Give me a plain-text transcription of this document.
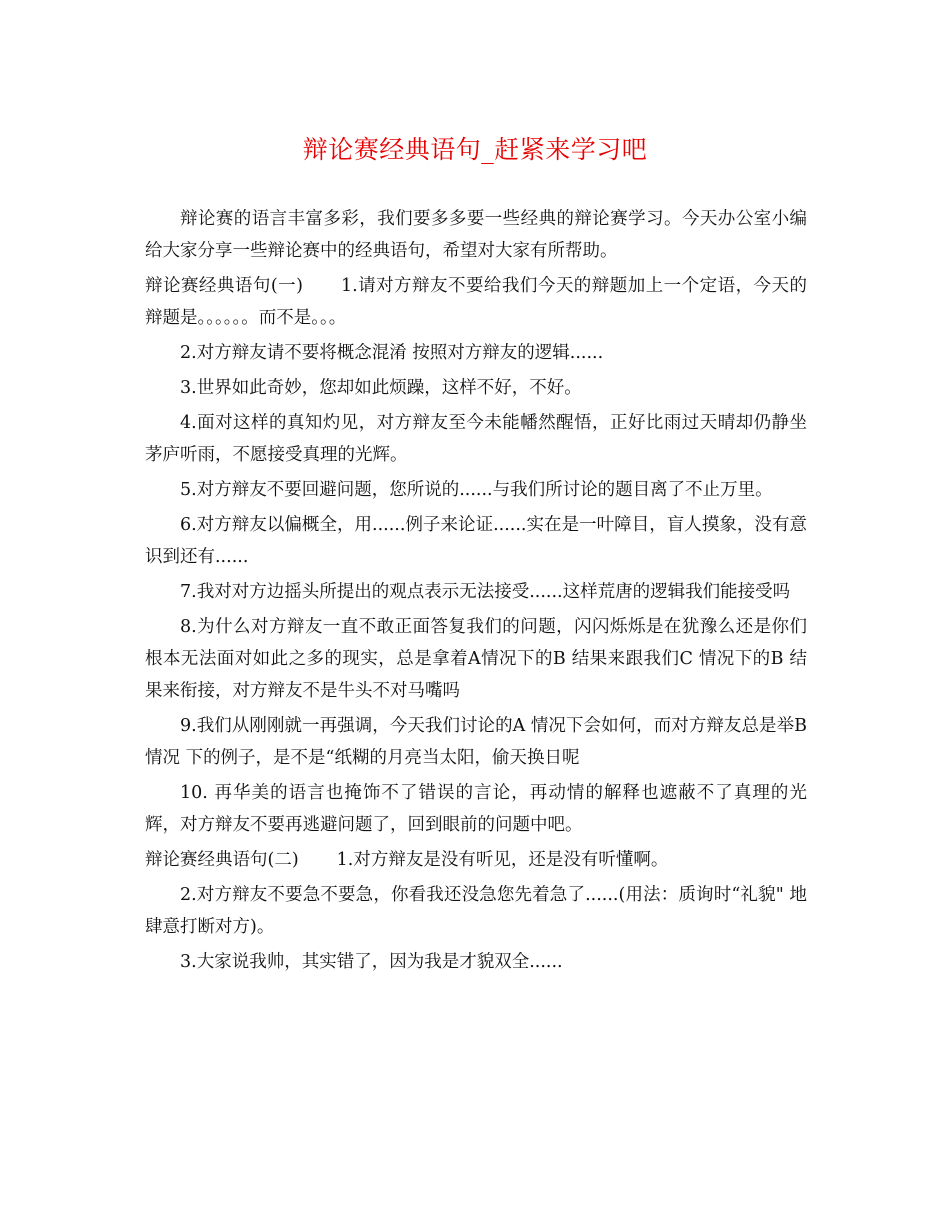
辩论赛经典语句_赶紧来学习吧

辩论赛的语言丰富多彩，我们要多多要一些经典的辩论赛学习。今天办公室小编给大家分享一些辩论赛中的经典语句，希望对大家有所帮助。

辩论赛经典语句(一) 1.请对方辩友不要给我们今天的辩题加上一个定语，今天的辩题是。。。。。。而不是。。。

2.对方辩友请不要将概念混淆 按照对方辩友的逻辑......

3.世界如此奇妙，您却如此烦躁，这样不好，不好。

4.面对这样的真知灼见，对方辩友至今未能幡然醒悟，正好比雨过天晴却仍静坐茅庐听雨，不愿接受真理的光辉。

5.对方辩友不要回避问题，您所说的......与我们所讨论的题目离了不止万里。

6.对方辩友以偏概全，用......例子来论证......实在是一叶障目，盲人摸象，没有意识到还有......

7.我对对方边摇头所提出的观点表示无法接受......这样荒唐的逻辑我们能接受吗

8.为什么对方辩友一直不敢正面答复我们的问题，闪闪烁烁是在犹豫么还是你们根本无法面对如此之多的现实，总是拿着A情况下的B 结果来跟我们C 情况下的B 结果来衔接，对方辩友不是牛头不对马嘴吗

9.我们从刚刚就一再强调，今天我们讨论的A 情况下会如何，而对方辩友总是举B 情况 下的例子，是不是“纸糊的月亮当太阳，偷天换日呢

10. 再华美的语言也掩饰不了错误的言论，再动情的解释也遮蔽不了真理的光辉，对方辩友不要再逃避问题了，回到眼前的问题中吧。

辩论赛经典语句(二) 1.对方辩友是没有听见，还是没有听懂啊。

2.对方辩友不要急不要急，你看我还没急您先着急了......(用法：质询时“礼貌" 地肆意打断对方)。

3.大家说我帅，其实错了，因为我是才貌双全......
